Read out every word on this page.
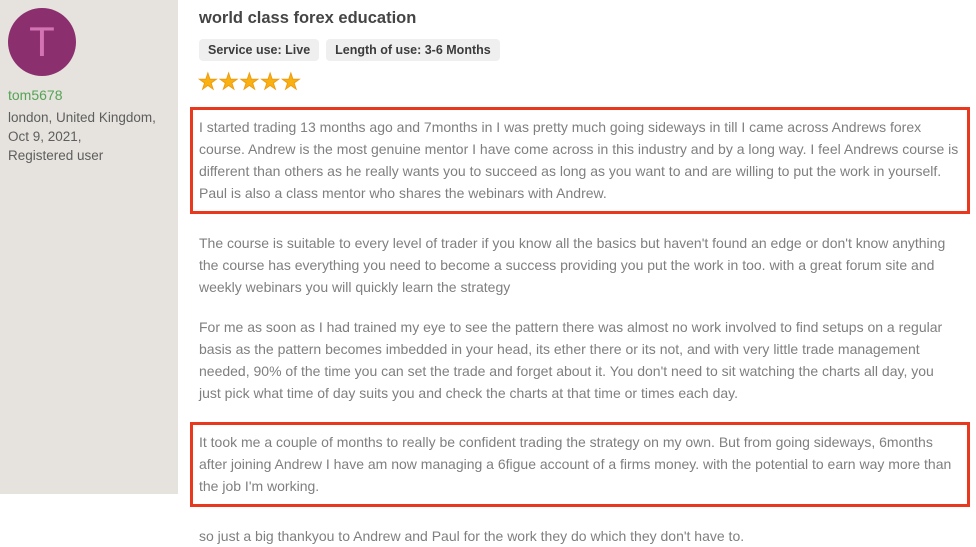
T
tom5678
london, United Kingdom,
Oct 9, 2021,
Registered user
world class forex education
Service use: Live	Length of use: 3-6 Months
★★★★★

I started trading 13 months ago and 7months in I was pretty much going sideways in till I came across Andrews forex course. Andrew is the most genuine mentor I have come across in this industry and by a long way. I feel Andrews course is different than others as he really wants you to succeed as long as you want to and are willing to put the work in yourself. Paul is also a class mentor who shares the webinars with Andrew.

The course is suitable to every level of trader if you know all the basics but haven't found an edge or don't know anything the course has everything you need to become a success providing you put the work in too. with a great forum site and weekly webinars you will quickly learn the strategy

For me as soon as I had trained my eye to see the pattern there was almost no work involved to find setups on a regular basis as the pattern becomes imbedded in your head, its ether there or its not, and with very little trade management needed, 90% of the time you can set the trade and forget about it. You don't need to sit watching the charts all day, you just pick what time of day suits you and check the charts at that time or times each day.

It took me a couple of months to really be confident trading the strategy on my own. But from going sideways, 6months after joining Andrew I have am now managing a 6figue account of a firms money. with the potential to earn way more than the job I'm working.

so just a big thankyou to Andrew and Paul for the work they do which they don't have to.
